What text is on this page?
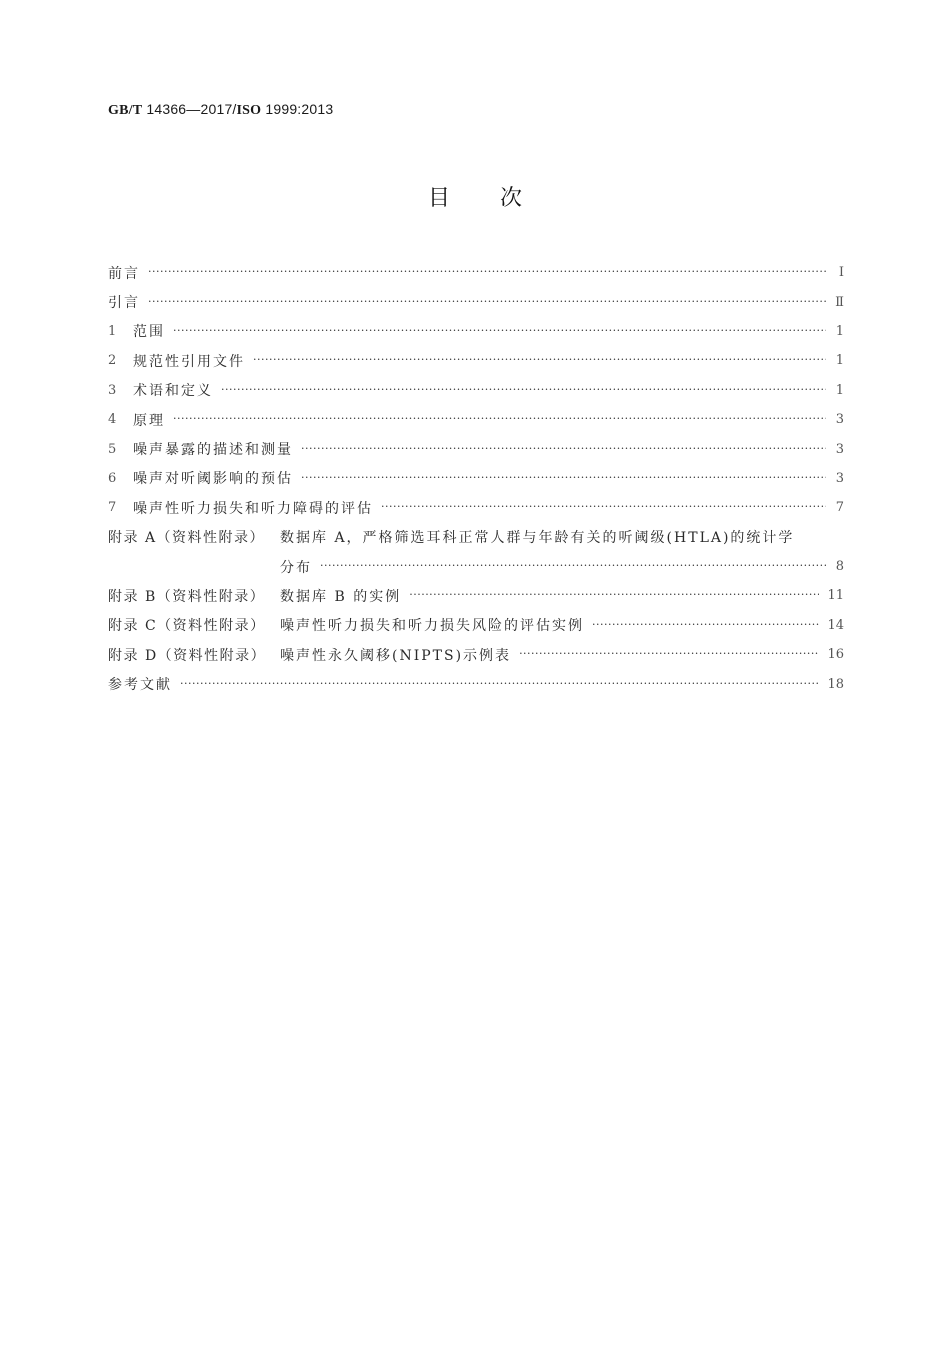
GB/T 14366—2017/ISO 1999:2013
目次
前言 ·····	Ⅰ
引言 ·····	Ⅱ
1	范围 ·····	1
2	规范性引用文件 ·····	1
3	术语和定义 ·····	1
4	原理 ·····	3
5	噪声暴露的描述和测量 ·····	3
6	噪声对听阈影响的预估 ·····	3
7	噪声性听力损失和听力障碍的评估 ·····	7
附录 A（资料性附录）	数据库 A，严格筛选耳科正常人群与年龄有关的听阈级(HTLA)的统计学
分布 ·····	8
附录 B（资料性附录）	数据库 B 的实例 ·····	11
附录 C（资料性附录）	噪声性听力损失和听力损失风险的评估实例 ·····	14
附录 D（资料性附录） 噪声性永久阈移(NIPTS)示例表 ·····	16
参考文献 ·····	18
